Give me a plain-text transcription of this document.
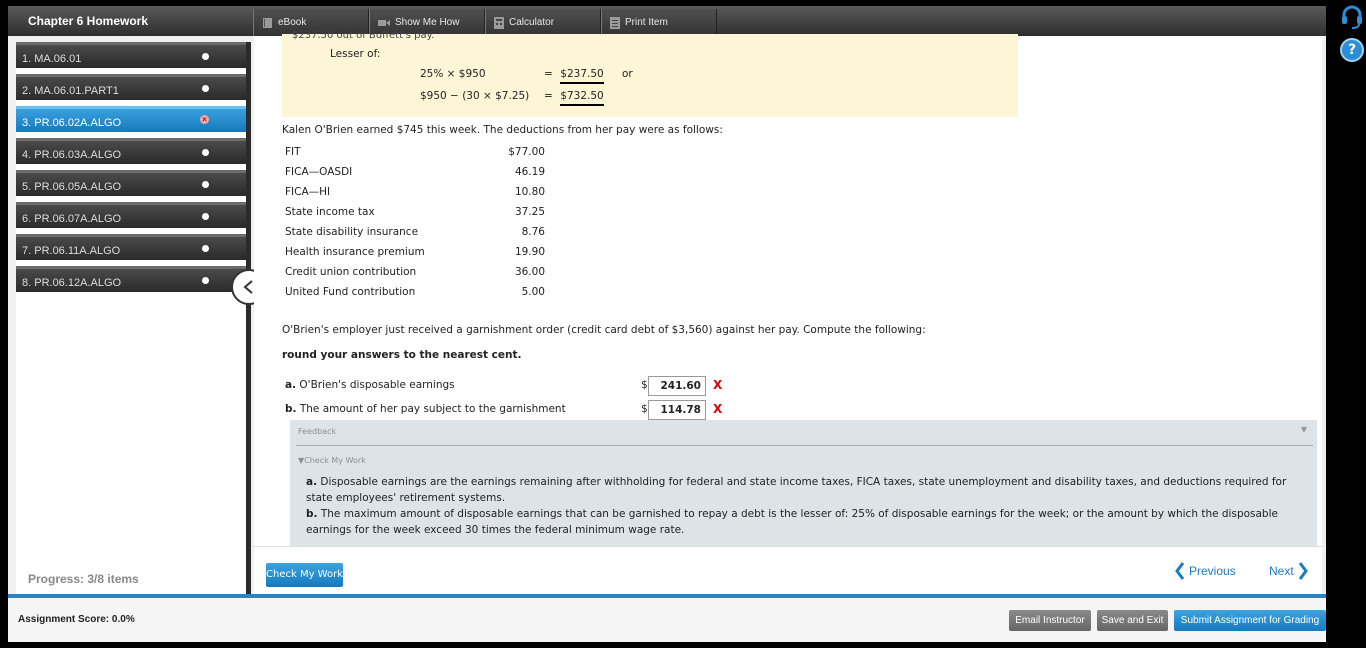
Chapter 6 Homework	eBook	Show Me How	Calculator	Print Item
1. MA.06.01
2. MA.06.01.PART1
3. PR.06.02A.ALGO	×
4. PR.06.03A.ALGO
5. PR.06.05A.ALGO
6. PR.06.07A.ALGO
7. PR.06.11A.ALGO
8. PR.06.12A.ALGO
Progress: 3/8 items
$237.50 out of Buffett's pay.
Lesser of:
25% × $950	= $237.50 or
$950 − (30 × $7.25) = $732.50
Kalen O'Brien earned $745 this week. The deductions from her pay were as follows:
FIT	$77.00
FICA—OASDI	46.19
FICA—HI	10.80
State income tax	37.25
State disability insurance	8.76
Health insurance premium	19.90
Credit union contribution	36.00
United Fund contribution	5.00
O'Brien's employer just received a garnishment order (credit card debt of $3,560) against her pay. Compute the following:
round your answers to the nearest cent.
a. O'Brien's disposable earnings	$	241.60	X
b. The amount of her pay subject to the garnishment	$	114.78	X
Feedback	▼
▼Check My Work
a. Disposable earnings are the earnings remaining after withholding for federal and state income taxes, FICA taxes, state unemployment and disability taxes, and deductions required for state employees' retirement systems.
b. The maximum amount of disposable earnings that can be garnished to repay a debt is the lesser of: 25% of disposable earnings for the week; or the amount by which the disposable earnings for the week exceed 30 times the federal minimum wage rate.
Check My Work	Previous	Next
Assignment Score: 0.0%	Email Instructor	Save and Exit	Submit Assignment for Grading
?
